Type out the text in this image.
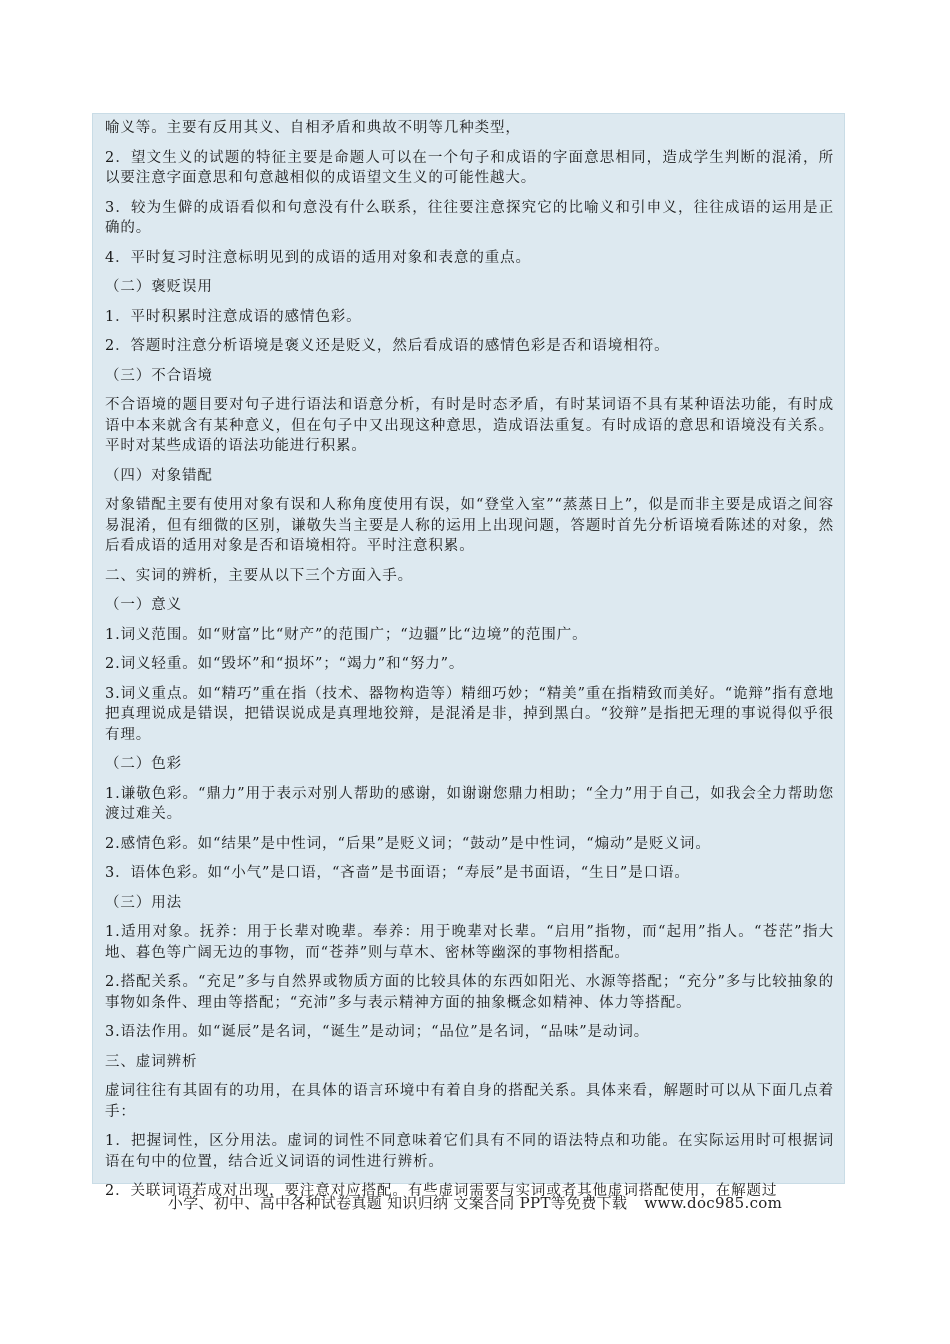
喻义等。主要有反用其义、自相矛盾和典故不明等几种类型，

2．望文生义的试题的特征主要是命题人可以在一个句子和成语的字面意思相同，造成学生判断的混淆，所以要注意字面意思和句意越相似的成语望文生义的可能性越大。

3．较为生僻的成语看似和句意没有什么联系，往往要注意探究它的比喻义和引申义，往往成语的运用是正确的。

4．平时复习时注意标明见到的成语的适用对象和表意的重点。

（二）褒贬误用

1．平时积累时注意成语的感情色彩。

2．答题时注意分析语境是褒义还是贬义，然后看成语的感情色彩是否和语境相符。

（三）不合语境

不合语境的题目要对句子进行语法和语意分析，有时是时态矛盾，有时某词语不具有某种语法功能，有时成语中本来就含有某种意义，但在句子中又出现这种意思，造成语法重复。有时成语的意思和语境没有关系。平时对某些成语的语法功能进行积累。

（四）对象错配

对象错配主要有使用对象有误和人称角度使用有误，如“登堂入室”“蒸蒸日上”，似是而非主要是成语之间容易混淆，但有细微的区别，谦敬失当主要是人称的运用上出现问题，答题时首先分析语境看陈述的对象，然后看成语的适用对象是否和语境相符。平时注意积累。

二、实词的辨析，主要从以下三个方面入手。

（一）意义

1.词义范围。如“财富”比“财产”的范围广；“边疆”比“边境”的范围广。

2.词义轻重。如“毁坏”和“损坏”；“竭力”和“努力”。

3.词义重点。如“精巧”重在指（技术、器物构造等）精细巧妙；“精美”重在指精致而美好。“诡辩”指有意地把真理说成是错误，把错误说成是真理地狡辩，是混淆是非，掉到黑白。“狡辩”是指把无理的事说得似乎很有理。

（二）色彩

1.谦敬色彩。“鼎力”用于表示对别人帮助的感谢，如谢谢您鼎力相助；“全力”用于自己，如我会全力帮助您渡过难关。

2.感情色彩。如“结果”是中性词，“后果”是贬义词；“鼓动”是中性词，“煽动”是贬义词。

3．语体色彩。如“小气”是口语，“吝啬”是书面语；“寿辰”是书面语，“生日”是口语。

（三）用法

1.适用对象。抚养：用于长辈对晚辈。奉养：用于晚辈对长辈。“启用”指物，而“起用”指人。“苍茫”指大地、暮色等广阔无边的事物，而“苍莽”则与草木、密林等幽深的事物相搭配。

2.搭配关系。“充足”多与自然界或物质方面的比较具体的东西如阳光、水源等搭配；“充分”多与比较抽象的事物如条件、理由等搭配；“充沛”多与表示精神方面的抽象概念如精神、体力等搭配。

3.语法作用。如“诞辰”是名词，“诞生”是动词；“品位”是名词，“品味”是动词。

三、虚词辨析

虚词往往有其固有的功用，在具体的语言环境中有着自身的搭配关系。具体来看，解题时可以从下面几点着手：

1．把握词性，区分用法。虚词的词性不同意味着它们具有不同的语法特点和功能。在实际运用时可根据词语在句中的位置，结合近义词语的词性进行辨析。

2．关联词语若成对出现，要注意对应搭配。有些虚词需要与实词或者其他虚词搭配使用，在解题过

小学、初中、高中各种试卷真题 知识归纳 文案合同 PPT等免费下载 www.doc985.com
